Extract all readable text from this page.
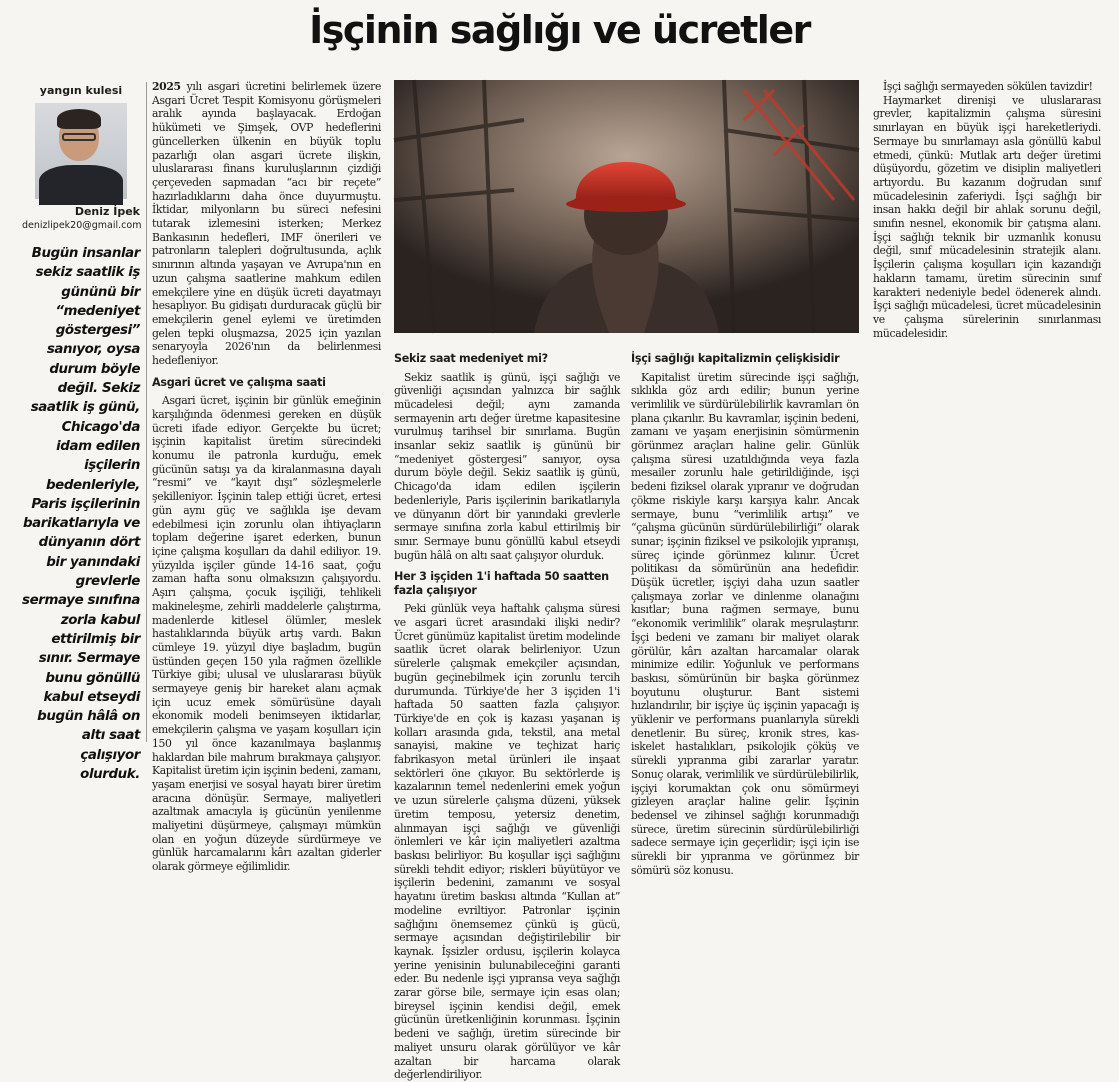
İşçinin sağlığı ve ücretler
yangın kulesi
Deniz İpek
denizlipek20@gmail.com
Bugün insanlar sekiz saatlik iş gününü bir “medeniyet göstergesi” sanıyor, oysa durum böyle değil. Sekiz saatlik iş günü, Chicago'da idam edilen işçilerin bedenleriyle, Paris işçilerinin barikatlarıyla ve dünyanın dört bir yanındaki grevlerle sermaye sınıfına zorla kabul ettirilmiş bir sınır. Sermaye bunu gönüllü kabul etseydi bugün hâlâ on altı saat çalışıyor olurduk.

2025 yılı asgari ücretini belirlemek üzere Asgari Ücret Tespit Komisyonu görüşmeleri aralık ayında başlayacak. Erdoğan hükümeti ve Şimşek, OVP hedeflerini güncellerken ülkenin en büyük toplu pazarlığı olan asgari ücrete ilişkin, uluslararası finans kuruluşlarının çizdiği çerçeveden sapmadan “acı bir reçete” hazırladıklarını daha önce duyurmuştu. İktidar, milyonların bu süreci nefesini tutarak izlemesini isterken; Merkez Bankasının hedefleri, IMF önerileri ve patronların talepleri doğrultusunda, açlık sınırının altında yaşayan ve Avrupa'nın en uzun çalışma saatlerine mahkum edilen emekçilere yine en düşük ücreti dayatmayı hesaplıyor. Bu gidişatı durduracak güçlü bir emekçilerin genel eylemi ve üretimden gelen tepki oluşmazsa, 2025 için yazılan senaryoyla 2026'nın da belirlenmesi hedefleniyor.

Asgari ücret ve çalışma saati

Asgari ücret, işçinin bir günlük emeğinin karşılığında ödenmesi gereken en düşük ücreti ifade ediyor. Gerçekte bu ücret; işçinin kapitalist üretim sürecindeki konumu ile patronla kurduğu, emek gücünün satışı ya da kiralanmasına dayalı “resmi” ve “kayıt dışı” sözleşmelerle şekilleniyor. İşçinin talep ettiği ücret, ertesi gün aynı güç ve sağlıkla işe devam edebilmesi için zorunlu olan ihtiyaçların toplam değerine işaret ederken, bunun içine çalışma koşulları da dahil ediliyor. 19. yüzyılda işçiler günde 14-16 saat, çoğu zaman hafta sonu olmaksızın çalışıyordu. Aşırı çalışma, çocuk işçiliği, tehlikeli makineleşme, zehirli maddelerle çalıştırma, madenlerde kitlesel ölümler, meslek hastalıklarında büyük artış vardı. Bakın cümleye 19. yüzyıl diye başladım, bugün üstünden geçen 150 yıla rağmen özellikle Türkiye gibi; ulusal ve uluslararası büyük sermayeye geniş bir hareket alanı açmak için ucuz emek sömürüsüne dayalı ekonomik modeli benimseyen iktidarlar, emekçilerin çalışma ve yaşam koşulları için 150 yıl önce kazanılmaya başlanmış haklardan bile mahrum bırakmaya çalışıyor. Kapitalist üretim için işçinin bedeni, zamanı, yaşam enerjisi ve sosyal hayatı birer üretim aracına dönüşür. Sermaye, maliyetleri azaltmak amacıyla iş gücünün yenilenme maliyetini düşürmeye, çalışmayı mümkün olan en yoğun düzeyde sürdürmeye ve günlük harcamalarını kârı azaltan giderler olarak görmeye eğilimlidir.

Sekiz saat medeniyet mi?

Sekiz saatlik iş günü, işçi sağlığı ve güvenliği açısından yalnızca bir sağlık mücadelesi değil; aynı zamanda sermayenin artı değer üretme kapasitesine vurulmuş tarihsel bir sınırlama. Bugün insanlar sekiz saatlik iş gününü bir “medeniyet göstergesi” sanıyor, oysa durum böyle değil. Sekiz saatlik iş günü, Chicago'da idam edilen işçilerin bedenleriyle, Paris işçilerinin barikatlarıyla ve dünyanın dört bir yanındaki grevlerle sermaye sınıfına zorla kabul ettirilmiş bir sınır. Sermaye bunu gönüllü kabul etseydi bugün hâlâ on altı saat çalışıyor olurduk.

Her 3 işçiden 1'i haftada 50 saatten fazla çalışıyor

Peki günlük veya haftalık çalışma süresi ve asgari ücret arasındaki ilişki nedir? Ücret günümüz kapitalist üretim modelinde saatlik ücret olarak belirleniyor. Uzun sürelerle çalışmak emekçiler açısından, bugün geçinebilmek için zorunlu tercih durumunda. Türkiye'de her 3 işçiden 1'i haftada 50 saatten fazla çalışıyor. Türkiye'de en çok iş kazası yaşanan iş kolları arasında gıda, tekstil, ana metal sanayisi, makine ve teçhizat hariç fabrikasyon metal ürünleri ile inşaat sektörleri öne çıkıyor. Bu sektörlerde iş kazalarının temel nedenlerini emek yoğun ve uzun sürelerle çalışma düzeni, yüksek üretim temposu, yetersiz denetim, alınmayan işçi sağlığı ve güvenliği önlemleri ve kâr için maliyetleri azaltma baskısı belirliyor. Bu koşullar işçi sağlığını sürekli tehdit ediyor; riskleri büyütüyor ve işçilerin bedenini, zamanını ve sosyal hayatını üretim baskısı altında “Kullan at” modeline evriltiyor. Patronlar işçinin sağlığını önemsemez çünkü iş gücü, sermaye açısından değiştirilebilir bir kaynak. İşsizler ordusu, işçilerin kolayca yerine yenisinin bulunabileceğini garanti eder. Bu nedenle işçi yıpransa veya sağlığı zarar görse bile, sermaye için esas olan; bireysel işçinin kendisi değil, emek gücünün üretkenliğinin korunması. İşçinin bedeni ve sağlığı, üretim sürecinde bir maliyet unsuru olarak görülüyor ve kâr azaltan bir harcama olarak değerlendiriliyor.

İşçi sağlığı kapitalizmin çelişkisidir

Kapitalist üretim sürecinde işçi sağlığı, sıklıkla göz ardı edilir; bunun yerine verimlilik ve sürdürülebilirlik kavramları ön plana çıkarılır. Bu kavramlar, işçinin bedeni, zamanı ve yaşam enerjisinin sömürmenin görünmez araçları haline gelir. Günlük çalışma süresi uzatıldığında veya fazla mesailer zorunlu hale getirildiğinde, işçi bedeni fiziksel olarak yıpranır ve doğrudan çökme riskiyle karşı karşıya kalır. Ancak sermaye, bunu “verimlilik artışı” ve “çalışma gücünün sürdürülebilirliği” olarak sunar; işçinin fiziksel ve psikolojik yıpranışı, süreç içinde görünmez kılınır. Ücret politikası da sömürünün ana hedefidir. Düşük ücretler, işçiyi daha uzun saatler çalışmaya zorlar ve dinlenme olanağını kısıtlar; buna rağmen sermaye, bunu “ekonomik verimlilik” olarak meşrulaştırır. İşçi bedeni ve zamanı bir maliyet olarak görülür, kârı azaltan harcamalar olarak minimize edilir. Yoğunluk ve performans baskısı, sömürünün bir başka görünmez boyutunu oluşturur. Bant sistemi hızlandırılır, bir işçiye üç işçinin yapacağı iş yüklenir ve performans puanlarıyla sürekli denetlenir. Bu süreç, kronik stres, kas-iskelet hastalıkları, psikolojik çöküş ve sürekli yıpranma gibi zararlar yaratır. Sonuç olarak, verimlilik ve sürdürülebilirlik, işçiyi korumaktan çok onu sömürmeyi gizleyen araçlar haline gelir. İşçinin bedensel ve zihinsel sağlığı korunmadığı sürece, üretim sürecinin sürdürülebilirliği sadece sermaye için geçerlidir; işçi için ise sürekli bir yıpranma ve görünmez bir sömürü söz konusu.

İşçi sağlığı sermayeden sökülen tavizdir!

Haymarket direnişi ve uluslararası grevler, kapitalizmin çalışma süresini sınırlayan en büyük işçi hareketleriydi. Sermaye bu sınırlamayı asla gönüllü kabul etmedi, çünkü: Mutlak artı değer üretimi düşüyordu, gözetim ve disiplin maliyetleri artıyordu. Bu kazanım doğrudan sınıf mücadelesinin zaferiydi. İşçi sağlığı bir insan hakkı değil bir ahlak sorunu değil, sınıfın nesnel, ekonomik bir çatışma alanı. İşçi sağlığı teknik bir uzmanlık konusu değil, sınıf mücadelesinin stratejik alanı. İşçilerin çalışma koşulları için kazandığı hakların tamamı, üretim sürecinin sınıf karakteri nedeniyle bedel ödenerek alındı. İşçi sağlığı mücadelesi, ücret mücadelesinin ve çalışma sürelerinin sınırlanması mücadelesidir.
